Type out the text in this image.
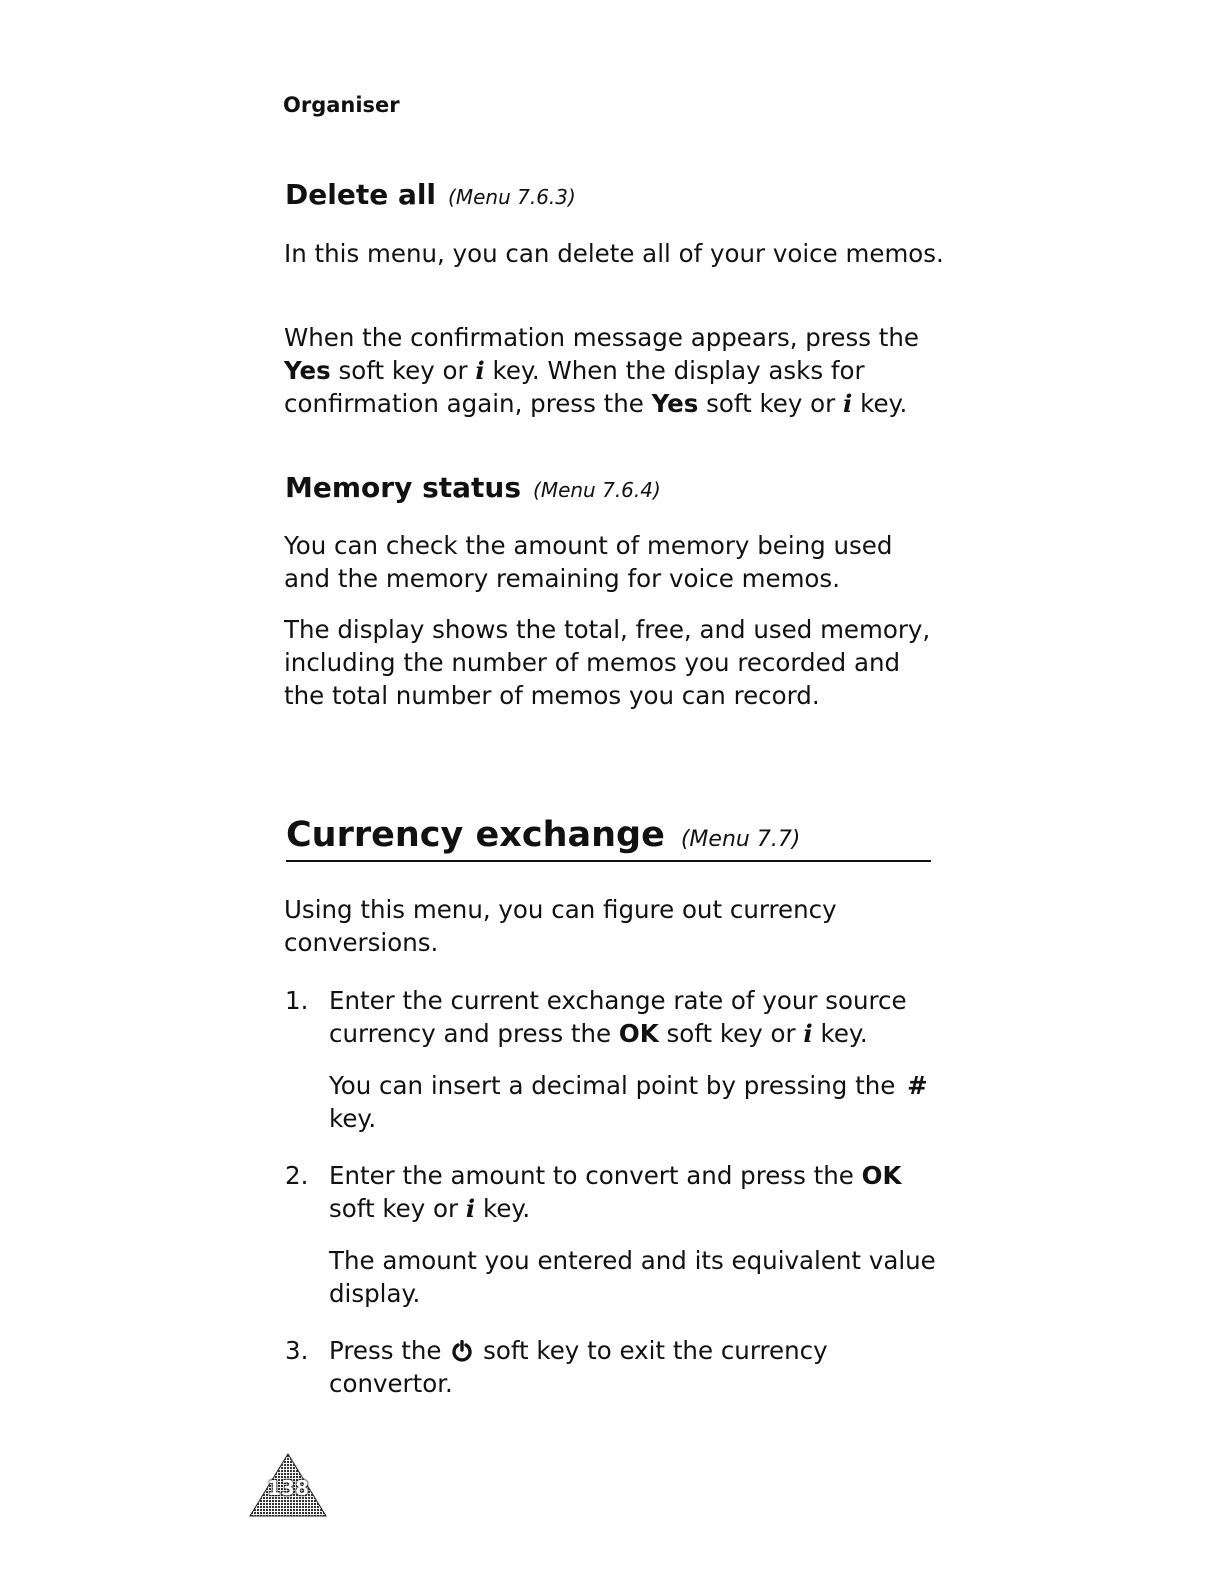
Organiser

Delete all (Menu 7.6.3)

In this menu, you can delete all of your voice memos.

When the confirmation message appears, press the Yes soft key or i key. When the display asks for confirmation again, press the Yes soft key or i key.

Memory status (Menu 7.6.4)

You can check the amount of memory being used and the memory remaining for voice memos.

The display shows the total, free, and used memory, including the number of memos you recorded and the total number of memos you can record.

Currency exchange (Menu 7.7)

Using this menu, you can figure out currency conversions.

1. Enter the current exchange rate of your source currency and press the OK soft key or i key.

You can insert a decimal point by pressing the # key.

2. Enter the amount to convert and press the OK soft key or i key.

The amount you entered and its equivalent value display.

3. Press the soft key to exit the currency convertor.

138
